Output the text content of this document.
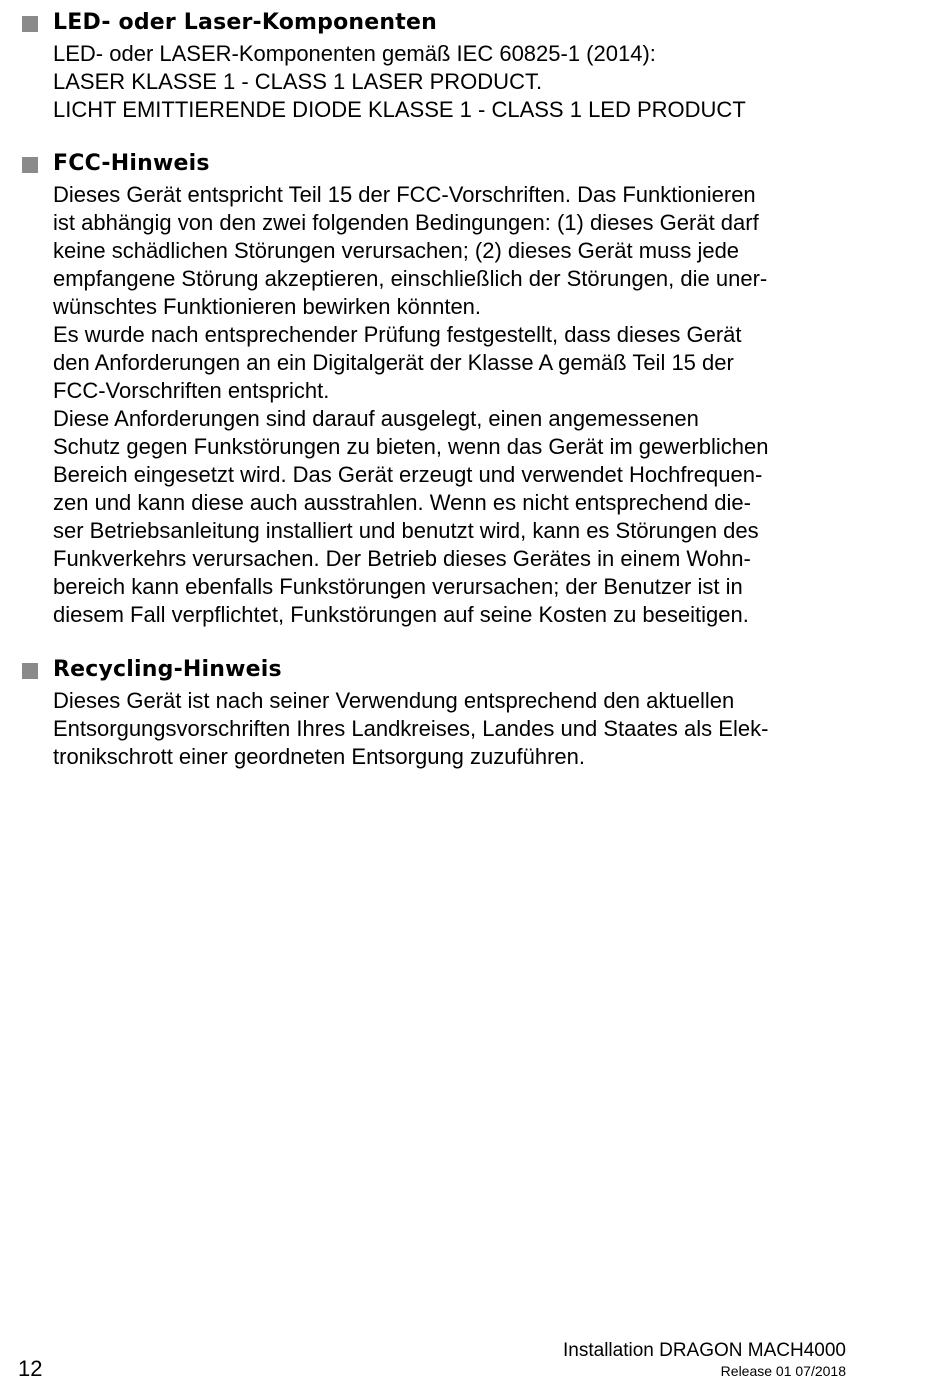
LED- oder Laser-Komponenten

LED- oder LASER-Komponenten gemäß IEC 60825-1 (2014):
LASER KLASSE 1 - CLASS 1 LASER PRODUCT.
LICHT EMITTIERENDE DIODE KLASSE 1 - CLASS 1 LED PRODUCT

FCC-Hinweis

Dieses Gerät entspricht Teil 15 der FCC-Vorschriften. Das Funktionieren
ist abhängig von den zwei folgenden Bedingungen: (1) dieses Gerät darf
keine schädlichen Störungen verursachen; (2) dieses Gerät muss jede
empfangene Störung akzeptieren, einschließlich der Störungen, die uner-
wünschtes Funktionieren bewirken könnten.
Es wurde nach entsprechender Prüfung festgestellt, dass dieses Gerät
den Anforderungen an ein Digitalgerät der Klasse A gemäß Teil 15 der
FCC-Vorschriften entspricht.
Diese Anforderungen sind darauf ausgelegt, einen angemessenen
Schutz gegen Funkstörungen zu bieten, wenn das Gerät im gewerblichen
Bereich eingesetzt wird. Das Gerät erzeugt und verwendet Hochfrequen-
zen und kann diese auch ausstrahlen. Wenn es nicht entsprechend die-
ser Betriebsanleitung installiert und benutzt wird, kann es Störungen des
Funkverkehrs verursachen. Der Betrieb dieses Gerätes in einem Wohn-
bereich kann ebenfalls Funkstörungen verursachen; der Benutzer ist in
diesem Fall verpflichtet, Funkstörungen auf seine Kosten zu beseitigen.

Recycling-Hinweis

Dieses Gerät ist nach seiner Verwendung entsprechend den aktuellen
Entsorgungsvorschriften Ihres Landkreises, Landes und Staates als Elek-
tronikschrott einer geordneten Entsorgung zuzuführen.

12
Installation DRAGON MACH4000
Release 01 07/2018
